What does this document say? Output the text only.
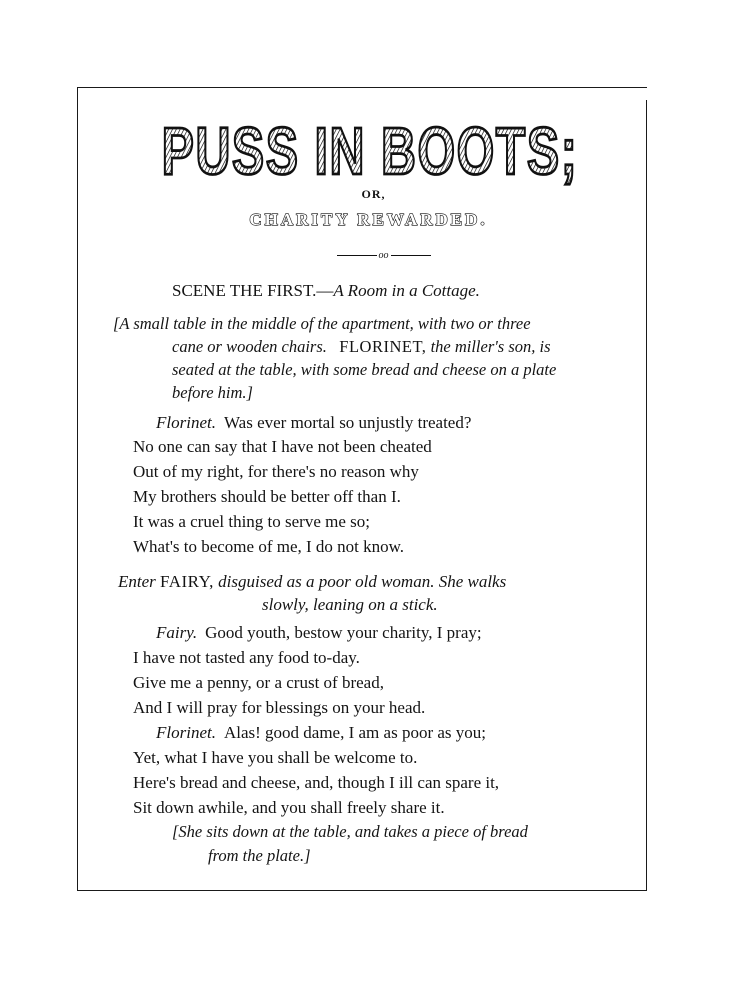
PUSS IN BOOTS;
OR,
CHARITY REWARDED.
oo
SCENE THE FIRST.—A Room in a Cottage.
[A small table in the middle of the apartment, with two or three
cane or wooden chairs. FLORINET, the miller's son, is
seated at the table, with some bread and cheese on a plate
before him.]
Florinet. Was ever mortal so unjustly treated?
No one can say that I have not been cheated
Out of my right, for there's no reason why
My brothers should be better off than I.
It was a cruel thing to serve me so;
What's to become of me, I do not know.
Enter FAIRY, disguised as a poor old woman. She walks
slowly, leaning on a stick.
Fairy. Good youth, bestow your charity, I pray;
I have not tasted any food to-day.
Give me a penny, or a crust of bread,
And I will pray for blessings on your head.
Florinet. Alas! good dame, I am as poor as you;
Yet, what I have you shall be welcome to.
Here's bread and cheese, and, though I ill can spare it,
Sit down awhile, and you shall freely share it.
[She sits down at the table, and takes a piece of bread
from the plate.]
